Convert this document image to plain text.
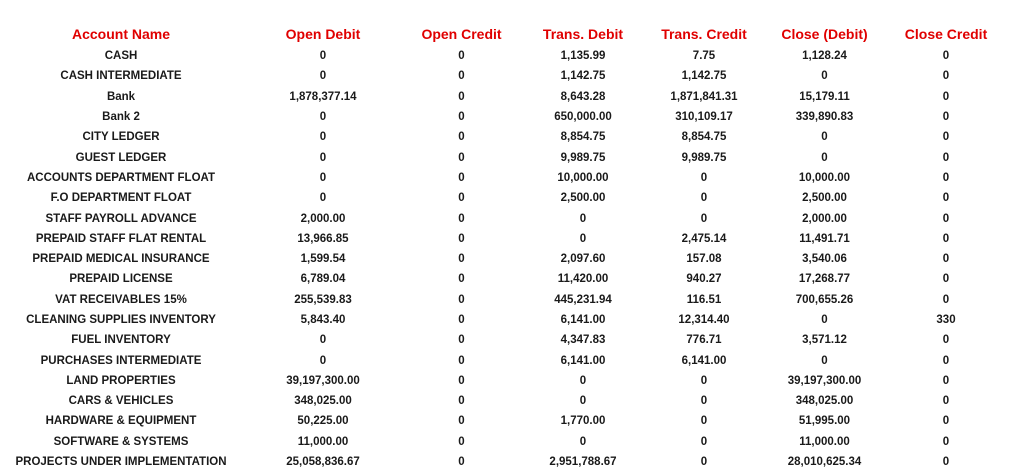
Account Name	Open Debit	Open Credit	Trans. Debit	Trans. Credit	Close (Debit)	Close Credit
CASH	0	0	1,135.99	7.75	1,128.24	0
CASH INTERMEDIATE	0	0	1,142.75	1,142.75	0	0
Bank	1,878,377.14	0	8,643.28	1,871,841.31	15,179.11	0
Bank 2	0	0	650,000.00	310,109.17	339,890.83	0
CITY LEDGER	0	0	8,854.75	8,854.75	0	0
GUEST LEDGER	0	0	9,989.75	9,989.75	0	0
ACCOUNTS DEPARTMENT FLOAT	0	0	10,000.00	0	10,000.00	0
F.O DEPARTMENT FLOAT	0	0	2,500.00	0	2,500.00	0
STAFF PAYROLL ADVANCE	2,000.00	0	0	0	2,000.00	0
PREPAID STAFF FLAT RENTAL	13,966.85	0	0	2,475.14	11,491.71	0
PREPAID MEDICAL INSURANCE	1,599.54	0	2,097.60	157.08	3,540.06	0
PREPAID LICENSE	6,789.04	0	11,420.00	940.27	17,268.77	0
VAT RECEIVABLES 15%	255,539.83	0	445,231.94	116.51	700,655.26	0
CLEANING SUPPLIES INVENTORY	5,843.40	0	6,141.00	12,314.40	0	330
FUEL INVENTORY	0	0	4,347.83	776.71	3,571.12	0
PURCHASES INTERMEDIATE	0	0	6,141.00	6,141.00	0	0
LAND PROPERTIES	39,197,300.00	0	0	0	39,197,300.00	0
CARS & VEHICLES	348,025.00	0	0	0	348,025.00	0
HARDWARE & EQUIPMENT	50,225.00	0	1,770.00	0	51,995.00	0
SOFTWARE & SYSTEMS	11,000.00	0	0	0	11,000.00	0
PROJECTS UNDER IMPLEMENTATION	25,058,836.67	0	2,951,788.67	0	28,010,625.34	0
